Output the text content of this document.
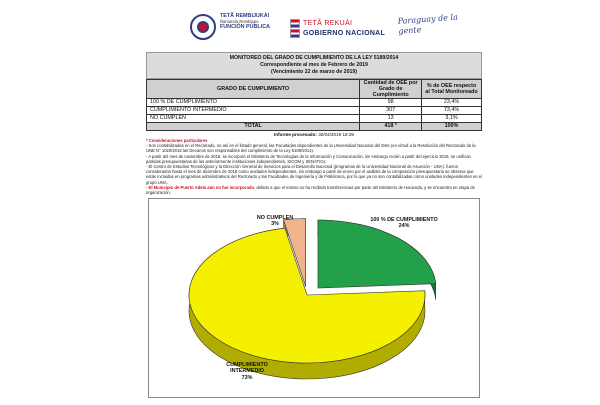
TETÃ REMBIJUKÁI
Ñamandu Rembiapo
FUNCIÓN PÚBLICA
TETÃ REKUÁI
GOBIERNO NACIONAL
Paraguay de la gente
MONITOREO DEL GRADO DE CUMPLIMIENTO DE LA LEY 5189/2014
Correspondiente al mes de Febrero de 2019
(Vencimiento 22 de marzo de 2019)
GRADO DE CUMPLIMIENTO	Cantidad de OEE por Grado de Cumplimiento	% de OEE respecto al Total Monitoreado
100 % DE CUMPLIMIENTO	98	23,4%
CUMPLIMIENTO INTERMEDIO	307	73,4%
NO CUMPLEN	13	3,1%
TOTAL	418 *	100%
Informe procesado: 30/04/2019 18:39

* Consideraciones particulares

- Son contabilizadas en el Rectorado, no así en el listado general, las Facultades dependientes de la Universidad Nacional del Este (en virtud a la Resolución del Rectorado de la UNE N° 1020/2016 las Decanos son responsables del cumplimiento de la Ley 5189/2014).

- A partir del mes de noviembre de 2018, se incorporó el Ministerio de Tecnologías de la Información y Comunicación, sin embargo recién a partir del ejercicio 2019, se unifican partidas presupuestarias de las anteriormente instituciones independientes, SICOM y SENATICs.

- El Centro de Estudios Tecnológicos y la Dirección General de Servicios para el Desarrollo Nacional (programas de la Universidad Nacional de Asunción - UNA). fueron considerados hasta el mes de diciembre de 2018 como unidades independientes, sin embargo a partir de enero por el análisis de la composición presupuestaria se observa que están incluidas en programas administrativos del Rectorado y las Facultades de Ingeniería y de Politécnica, por lo que ya no son contabilizadas como unidades independientes en el grupo UNA.

- El Municipio de Puerto Adela aún no fue incorporado, debido a que el mismo no ha recibido transferencias por parte del Ministerio de Hacienda, y se encuentra en etapa de organización.

100 % DE CUMPLIMIENTO
24%
NO CUMPLEN
3%
CUMPLIMIENTO INTERMEDIO
73%
